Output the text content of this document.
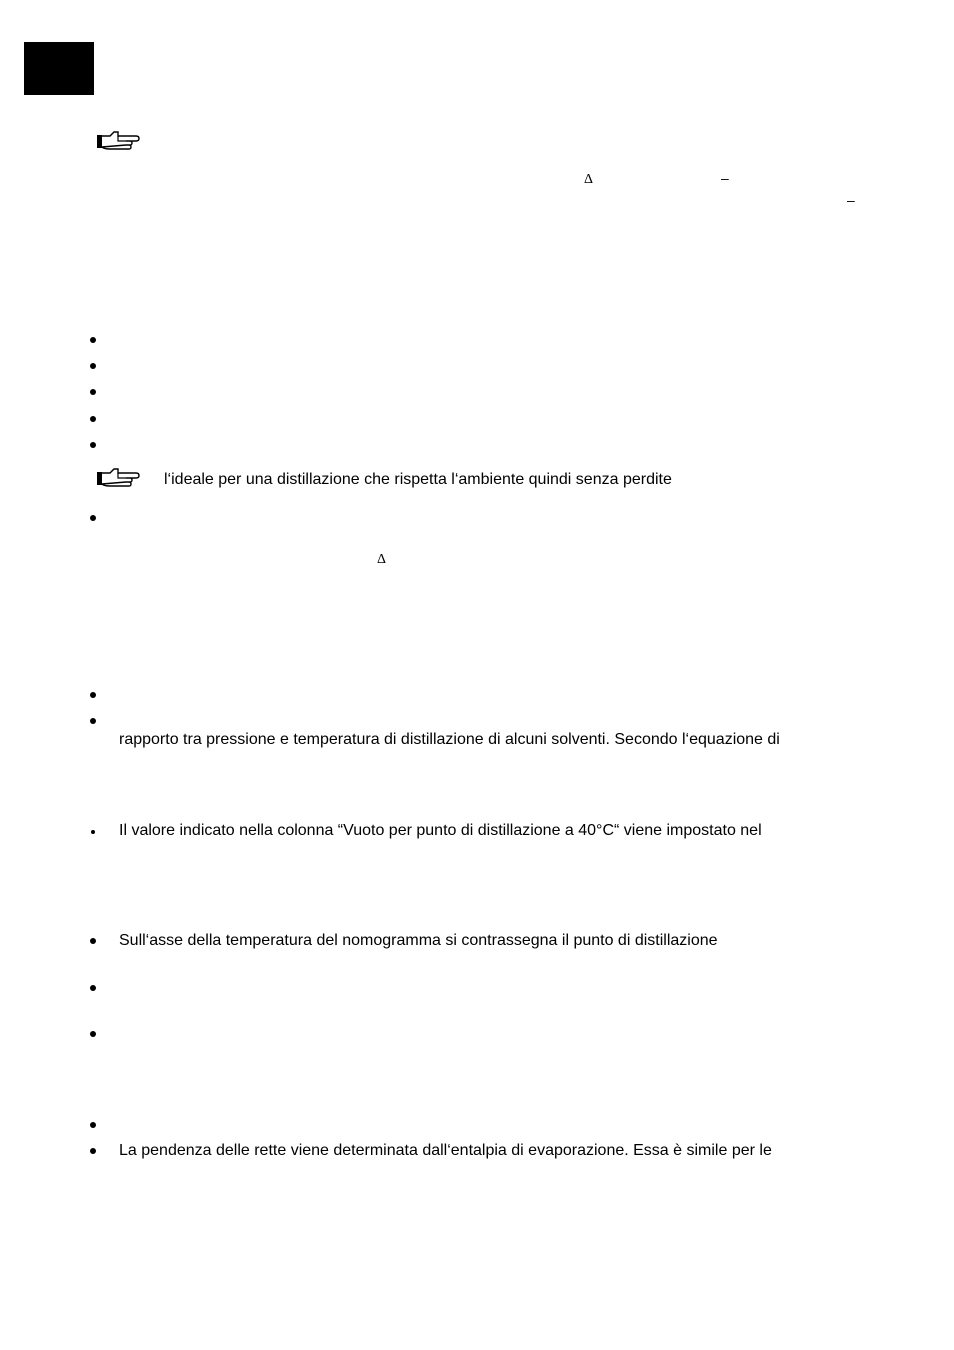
Δ	–
–
l‘ideale per una distillazione che rispetta l‘ambiente quindi senza perdite
Δ
rapporto tra pressione e temperatura di distillazione di alcuni solventi. Secondo l‘equazione di
Il valore indicato nella colonna “Vuoto per punto di distillazione a 40°C“ viene impostato nel
Sull‘asse della temperatura del nomogramma si contrassegna il punto di distillazione
La pendenza delle rette viene determinata dall‘entalpia di evaporazione. Essa è simile per le
